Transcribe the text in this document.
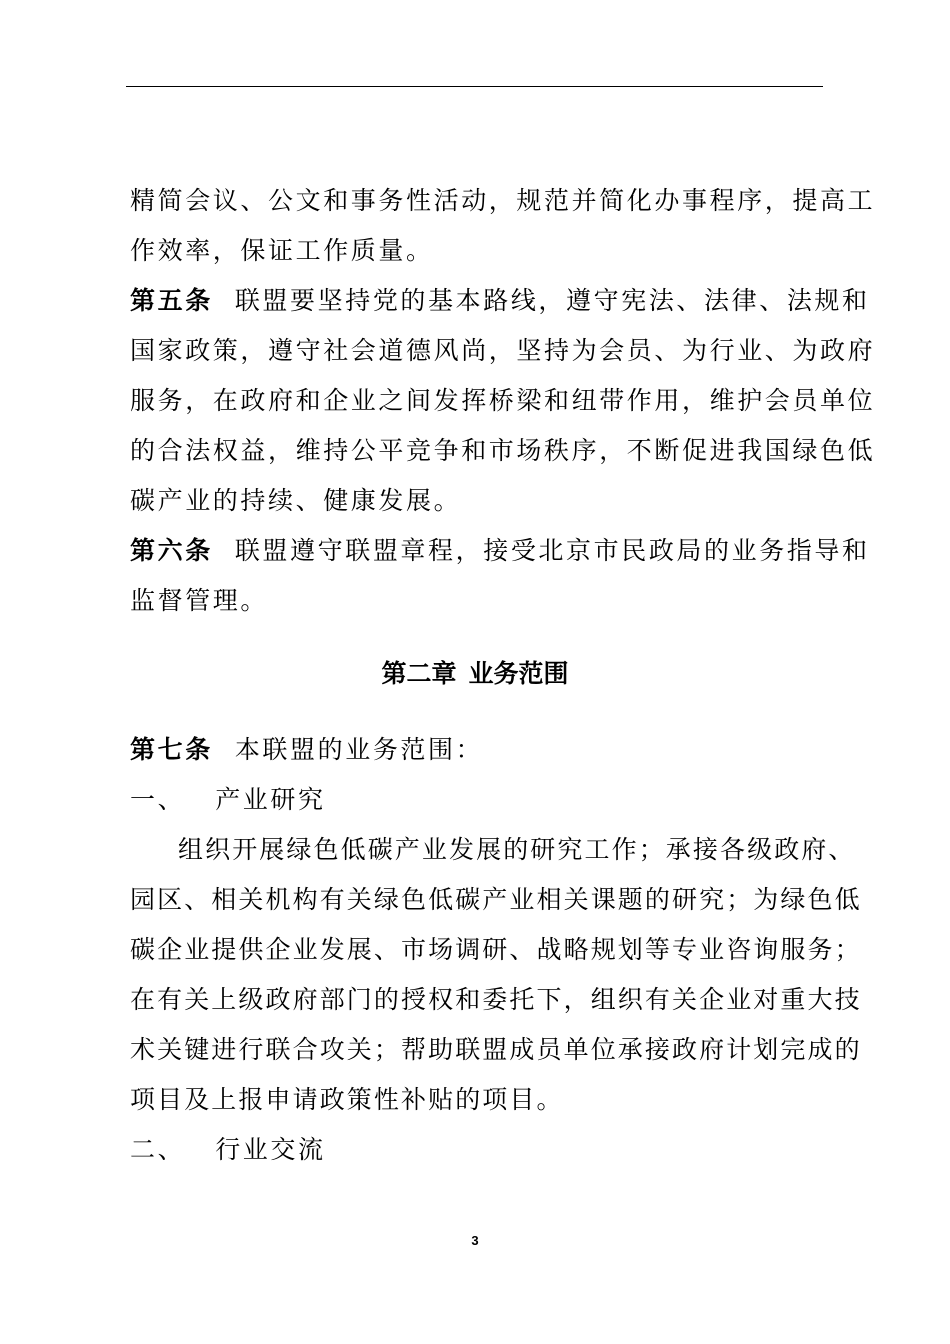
精简会议、公文和事务性活动，规范并简化办事程序，提高工

作效率，保证工作质量。

第五条 联盟要坚持党的基本路线，遵守宪法、法律、法规和

国家政策，遵守社会道德风尚，坚持为会员、为行业、为政府

服务，在政府和企业之间发挥桥梁和纽带作用，维护会员单位

的合法权益，维持公平竞争和市场秩序，不断促进我国绿色低

碳产业的持续、健康发展。

第六条 联盟遵守联盟章程，接受北京市民政局的业务指导和

监督管理。

第二章 业务范围

第七条 本联盟的业务范围：

一、 产业研究

组织开展绿色低碳产业发展的研究工作；承接各级政府、

园区、相关机构有关绿色低碳产业相关课题的研究；为绿色低

碳企业提供企业发展、市场调研、战略规划等专业咨询服务；

在有关上级政府部门的授权和委托下，组织有关企业对重大技

术关键进行联合攻关；帮助联盟成员单位承接政府计划完成的

项目及上报申请政策性补贴的项目。

二、 行业交流

3
